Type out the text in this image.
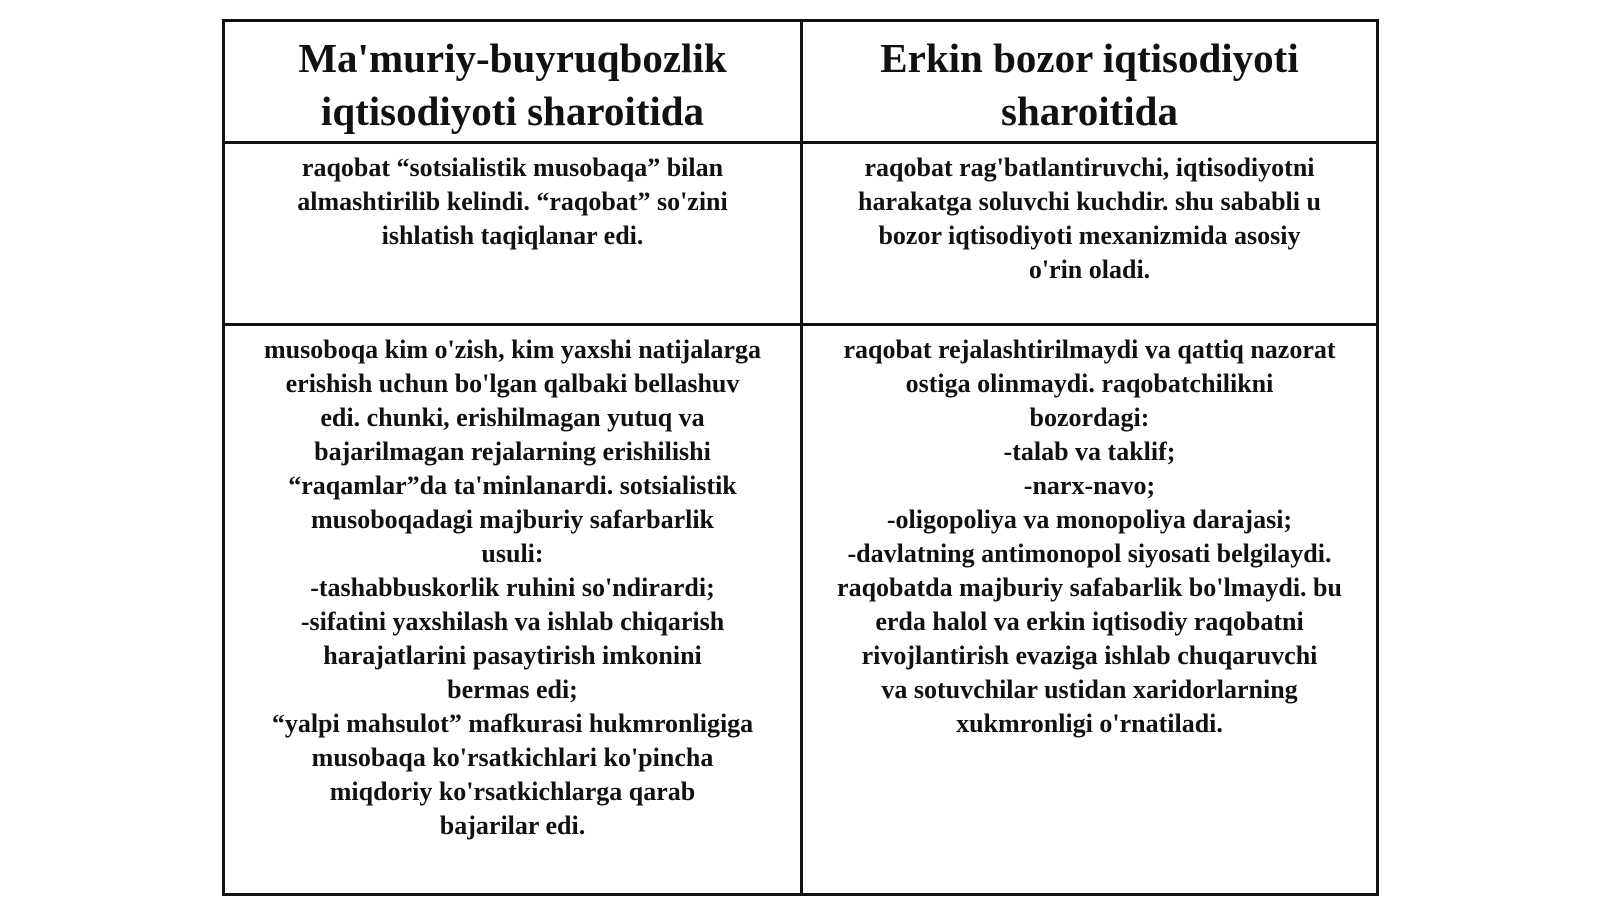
Ma'muriy-buyruqbozlik
iqtisodiyoti sharoitida
Erkin bozor iqtisodiyoti
sharoitida
raqobat “sotsialistik musobaqa” bilan
almashtirilib kelindi. “raqobat” so'zini
ishlatish taqiqlanar edi.
raqobat rag'batlantiruvchi, iqtisodiyotni
harakatga soluvchi kuchdir. shu sababli u
bozor iqtisodiyoti mexanizmida asosiy
o'rin oladi.
musoboqa kim o'zish, kim yaxshi natijalarga
erishish uchun bo'lgan qalbaki bellashuv
edi. chunki, erishilmagan yutuq va
bajarilmagan rejalarning erishilishi
“raqamlar”da ta'minlanardi. sotsialistik
musoboqadagi majburiy safarbarlik
usuli:
-tashabbuskorlik ruhini so'ndirardi;
-sifatini yaxshilash va ishlab chiqarish
harajatlarini pasaytirish imkonini
bermas edi;
“yalpi mahsulot” mafkurasi hukmronligiga
musobaqa ko'rsatkichlari ko'pincha
miqdoriy ko'rsatkichlarga qarab
bajarilar edi.
raqobat rejalashtirilmaydi va qattiq nazorat
ostiga olinmaydi. raqobatchilikni
bozordagi:
-talab va taklif;
-narx-navo;
-oligopoliya va monopoliya darajasi;
-davlatning antimonopol siyosati belgilaydi.
raqobatda majburiy safabarlik bo'lmaydi. bu
erda halol va erkin iqtisodiy raqobatni
rivojlantirish evaziga ishlab chuqaruvchi
va sotuvchilar ustidan xaridorlarning
xukmronligi o'rnatiladi.
